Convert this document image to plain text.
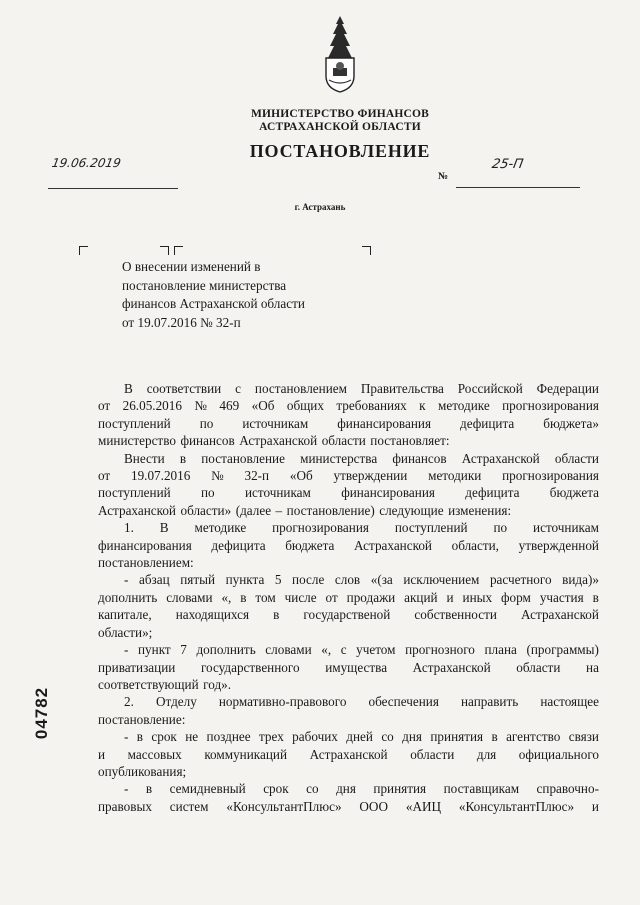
МИНИСТЕРСТВО ФИНАНСОВ
АСТРАХАНСКОЙ ОБЛАСТИ
ПОСТАНОВЛЕНИЕ
19.06.2019
№
25-П
г. Астрахань
О внесении изменений в
постановление министерства
финансов Астраханской области
от 19.07.2016 № 32-п
В соответствии с постановлением Правительства Российской Федерации
от 26.05.2016 № 469 «Об общих требованиях к методике прогнозирования
поступлений по источникам финансирования дефицита бюджета»
министерство финансов Астраханской области постановляет:
Внести в постановление министерства финансов Астраханской области
от 19.07.2016 № 32-п «Об утверждении методики прогнозирования
поступлений по источникам финансирования дефицита бюджета
Астраханской области» (далее – постановление) следующие изменения:
1. В методике прогнозирования поступлений по источникам
финансирования дефицита бюджета Астраханской области, утвержденной
постановлением:
- абзац пятый пункта 5 после слов «(за исключением расчетного вида)»
дополнить словами «, в том числе от продажи акций и иных форм участия в
капитале, находящихся в государственой собственности Астраханской
области»;
- пункт 7 дополнить словами «, с учетом прогнозного плана (программы)
приватизации государственного имущества Астраханской области на
соответствующий год».
2. Отделу нормативно-правового обеспечения направить настоящее
постановление:
- в срок не позднее трех рабочих дней со дня принятия в агентство связи
и массовых коммуникаций Астраханской области для официального
опубликования;
- в семидневный срок со дня принятия поставщикам справочно-
правовых систем «КонсультантПлюс» ООО «АИЦ «КонсультантПлюс» и
04782
